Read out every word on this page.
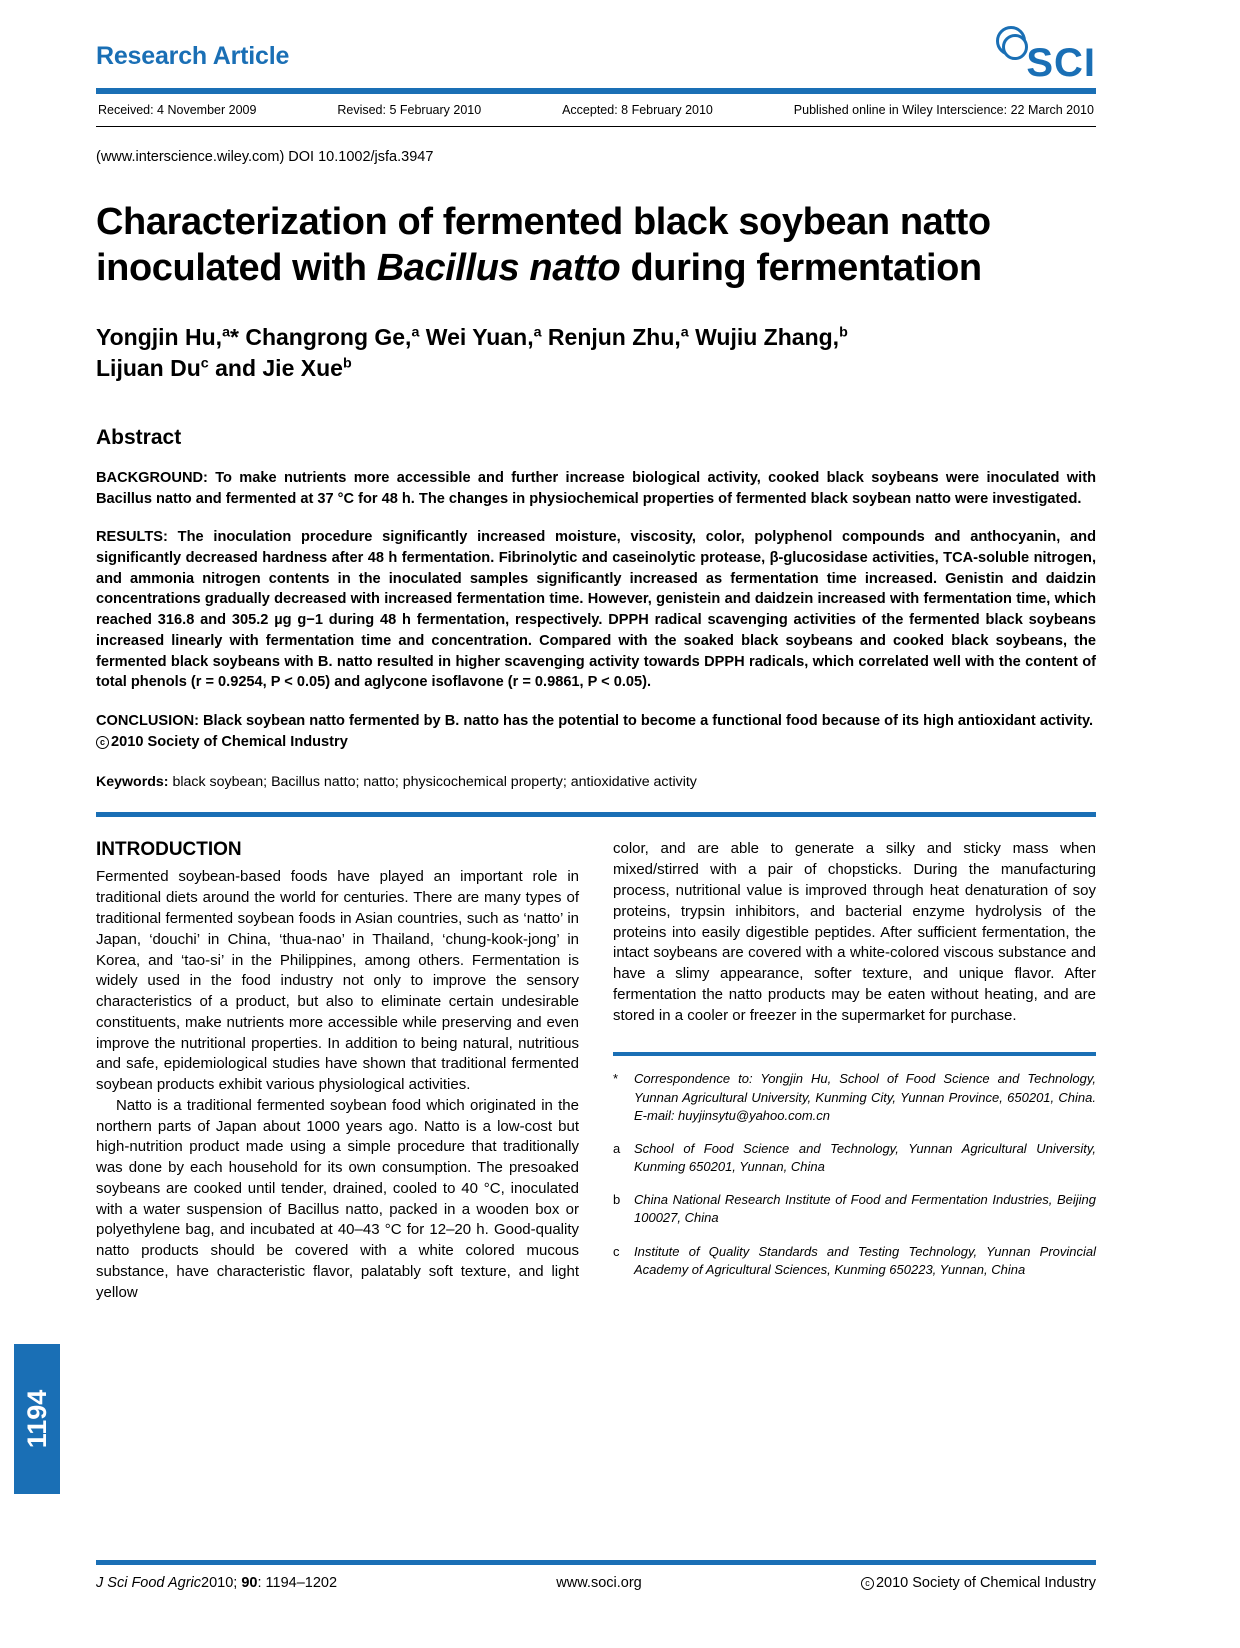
Research Article	SCI
Received: 4 November 2009	Revised: 5 February 2010	Accepted: 8 February 2010	Published online in Wiley Interscience: 22 March 2010
(www.interscience.wiley.com) DOI 10.1002/jsfa.3947
Characterization of fermented black soybean natto inoculated with Bacillus natto during fermentation
Yongjin Hu,$^a$* Changrong Ge,$^a$ Wei Yuan,$^a$ Renjun Zhu,$^a$ Wujiu Zhang,$^b$
Lijuan Du$^c$ and Jie Xue$^b$
Abstract

BACKGROUND: To make nutrients more accessible and further increase biological activity, cooked black soybeans were inoculated with Bacillus natto and fermented at 37 °C for 48 h. The changes in physiochemical properties of fermented black soybean natto were investigated.

RESULTS: The inoculation procedure significantly increased moisture, viscosity, color, polyphenol compounds and anthocyanin, and significantly decreased hardness after 48 h fermentation. Fibrinolytic and caseinolytic protease, β-glucosidase activities, TCA-soluble nitrogen, and ammonia nitrogen contents in the inoculated samples significantly increased as fermentation time increased. Genistin and daidzin concentrations gradually decreased with increased fermentation time. However, genistein and daidzein increased with fermentation time, which reached 316.8 and 305.2 µg g−1 during 48 h fermentation, respectively. DPPH radical scavenging activities of the fermented black soybeans increased linearly with fermentation time and concentration. Compared with the soaked black soybeans and cooked black soybeans, the fermented black soybeans with B. natto resulted in higher scavenging activity towards DPPH radicals, which correlated well with the content of total phenols (r = 0.9254, P < 0.05) and aglycone isoflavone (r = 0.9861, P < 0.05).

CONCLUSION: Black soybean natto fermented by B. natto has the potential to become a functional food because of its high antioxidant activity.
c 2010 Society of Chemical Industry

Keywords: black soybean; Bacillus natto; natto; physicochemical property; antioxidative activity

INTRODUCTION

Fermented soybean-based foods have played an important role in traditional diets around the world for centuries. There are many types of traditional fermented soybean foods in Asian countries, such as ‘natto’ in Japan, ‘douchi’ in China, ‘thua-nao’ in Thailand, ‘chung-kook-jong’ in Korea, and ‘tao-si’ in the Philippines, among others. Fermentation is widely used in the food industry not only to improve the sensory characteristics of a product, but also to eliminate certain undesirable constituents, make nutrients more accessible while preserving and even improve the nutritional properties. In addition to being natural, nutritious and safe, epidemiological studies have shown that traditional fermented soybean products exhibit various physiological activities.

Natto is a traditional fermented soybean food which originated in the northern parts of Japan about 1000 years ago. Natto is a low-cost but high-nutrition product made using a simple procedure that traditionally was done by each household for its own consumption. The presoaked soybeans are cooked until tender, drained, cooled to 40 °C, inoculated with a water suspension of Bacillus natto, packed in a wooden box or polyethylene bag, and incubated at 40–43 °C for 12–20 h. Good-quality natto products should be covered with a white colored mucous substance, have characteristic flavor, palatably soft texture, and light yellow

color, and are able to generate a silky and sticky mass when mixed/stirred with a pair of chopsticks. During the manufacturing process, nutritional value is improved through heat denaturation of soy proteins, trypsin inhibitors, and bacterial enzyme hydrolysis of the proteins into easily digestible peptides. After sufficient fermentation, the intact soybeans are covered with a white-colored viscous substance and have a slimy appearance, softer texture, and unique flavor. After fermentation the natto products may be eaten without heating, and are stored in a cooler or freezer in the supermarket for purchase.

*	Correspondence to: Yongjin Hu, School of Food Science and Technology, Yunnan Agricultural University, Kunming City, Yunnan Province, 650201, China. E-mail: huyjinsytu@yahoo.com.cn
a	School of Food Science and Technology, Yunnan Agricultural University, Kunming 650201, Yunnan, China
b	China National Research Institute of Food and Fermentation Industries, Beijing 100027, China
c	Institute of Quality Standards and Testing Technology, Yunnan Provincial Academy of Agricultural Sciences, Kunming 650223, Yunnan, China
1194
J Sci Food Agric2010; 90: 1194–1202	www.soci.org	c 2010 Society of Chemical Industry
